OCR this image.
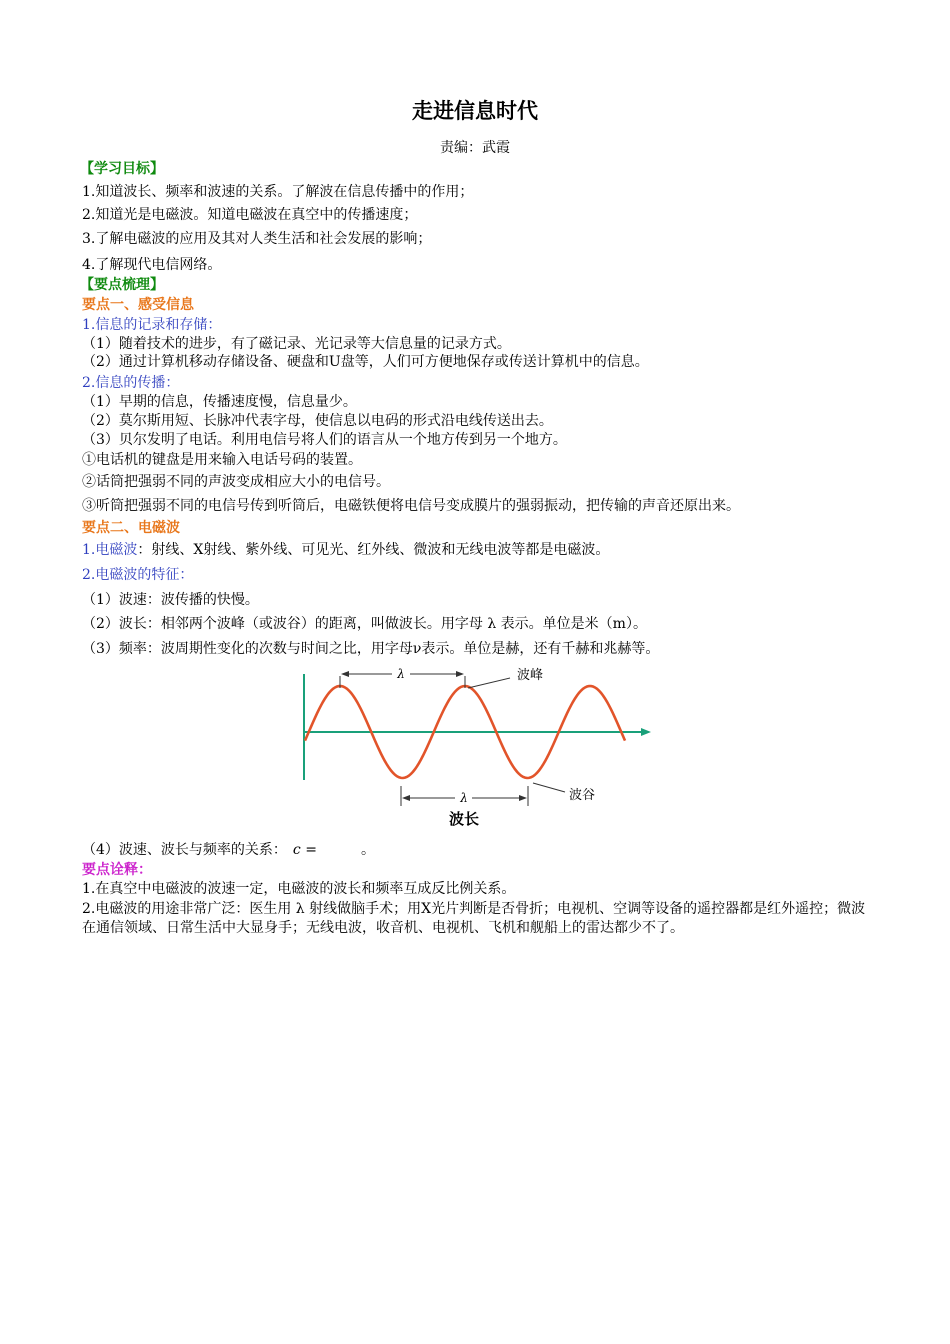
走进信息时代
责编：武霞
【学习目标】
1.知道波长、频率和波速的关系。了解波在信息传播中的作用；
2.知道光是电磁波。知道电磁波在真空中的传播速度；
3.了解电磁波的应用及其对人类生活和社会发展的影响；
4.了解现代电信网络。
【要点梳理】
要点一、感受信息
1.信息的记录和存储：
（1）随着技术的进步，有了磁记录、光记录等大信息量的记录方式。
（2）通过计算机移动存储设备、硬盘和U盘等，人们可方便地保存或传送计算机中的信息。
2.信息的传播：
（1）早期的信息，传播速度慢，信息量少。
（2）莫尔斯用短、长脉冲代表字母，使信息以电码的形式沿电线传送出去。
（3）贝尔发明了电话。利用电信号将人们的语言从一个地方传到另一个地方。
①电话机的键盘是用来输入电话号码的装置。
②话筒把强弱不同的声波变成相应大小的电信号。
③听筒把强弱不同的电信号传到听筒后，电磁铁便将电信号变成膜片的强弱振动，把传输的声音还原出来。
要点二、电磁波
1.电磁波：射线、X射线、紫外线、可见光、红外线、微波和无线电波等都是电磁波。
2.电磁波的特征：
（1）波速：波传播的快慢。
（2）波长：相邻两个波峰（或波谷）的距离，叫做波长。用字母 λ 表示。单位是米（m）。
（3）频率：波周期性变化的次数与时间之比，用字母ν表示。单位是赫，还有千赫和兆赫等。
λ
λ
波峰
波谷
波长
（4）波速、波长与频率的关系： c =	。
要点诠释：
1.在真空中电磁波的波速一定，电磁波的波长和频率互成反比例关系。
2.电磁波的用途非常广泛：医生用 λ 射线做脑手术；用X光片判断是否骨折；电视机、空调等设备的遥控器都是红外遥控；微波在通信领域、日常生活中大显身手；无线电波，收音机、电视机、飞机和舰船上的雷达都少不了。
